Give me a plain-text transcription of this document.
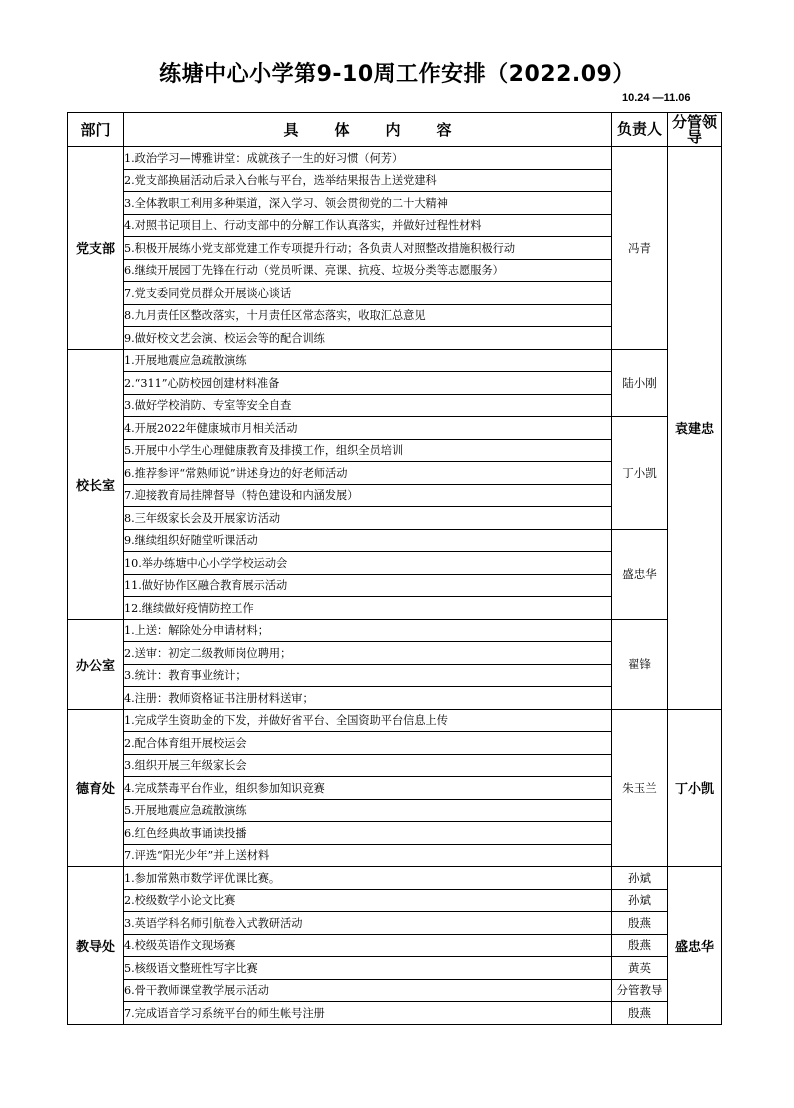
练塘中心小学第9-10周工作安排（2022.09）
10.24 —11.06
部门	具体内容	负责人	分管领导
党支部	1.政治学习—博雅讲堂：成就孩子一生的好习惯（何芳）	冯青	袁建忠
	2.党支部换届活动后录入台帐与平台，选举结果报告上送党建科		
	3.全体教职工利用多种渠道，深入学习、领会贯彻党的二十大精神		
	4.对照书记项目上、行动支部中的分解工作认真落实，并做好过程性材料		
	5.积极开展练小党支部党建工作专项提升行动；各负责人对照整改措施积极行动		
	6.继续开展园丁先锋在行动（党员听课、亮课、抗疫、垃圾分类等志愿服务）		
	7.党支委同党员群众开展谈心谈话		
	8.九月责任区整改落实，十月责任区常态落实，收取汇总意见		
	9.做好校文艺会演、校运会等的配合训练		
校长室	1.开展地震应急疏散演练	陆小刚	
	2.“311”心防校园创建材料准备		
	3.做好学校消防、专室等安全自查		
	4.开展2022年健康城市月相关活动	丁小凯	
	5.开展中小学生心理健康教育及排摸工作，组织全员培训		
	6.推荐参评“常熟师说”讲述身边的好老师活动		
	7.迎接教育局挂牌督导（特色建设和内涵发展）		
	8.三年级家长会及开展家访活动		
	9.继续组织好随堂听课活动	盛忠华	
	10.举办练塘中心小学学校运动会		
	11.做好协作区融合教育展示活动		
	12.继续做好疫情防控工作		
办公室	1.上送：解除处分申请材料；	翟锋	
	2.送审：初定二级教师岗位聘用；		
	3.统计：教育事业统计；		
	4.注册：教师资格证书注册材料送审；		
德育处	1.完成学生资助金的下发，并做好省平台、全国资助平台信息上传	朱玉兰	丁小凯
	2.配合体育组开展校运会		
	3.组织开展三年级家长会		
	4.完成禁毒平台作业，组织参加知识竞赛		
	5.开展地震应急疏散演练		
	6.红色经典故事诵读投播		
	7.评选“阳光少年”并上送材料		
教导处	1.参加常熟市数学评优课比赛。	孙斌	盛忠华
	2.校级数学小论文比赛	孙斌	
	3.英语学科名师引航卷入式教研活动	殷燕	
	4.校级英语作文现场赛	殷燕	
	5.核级语文整班性写字比赛	黄英	
	6.骨干教师课堂教学展示活动	分管教导	
	7.完成语音学习系统平台的师生帐号注册	殷燕	
